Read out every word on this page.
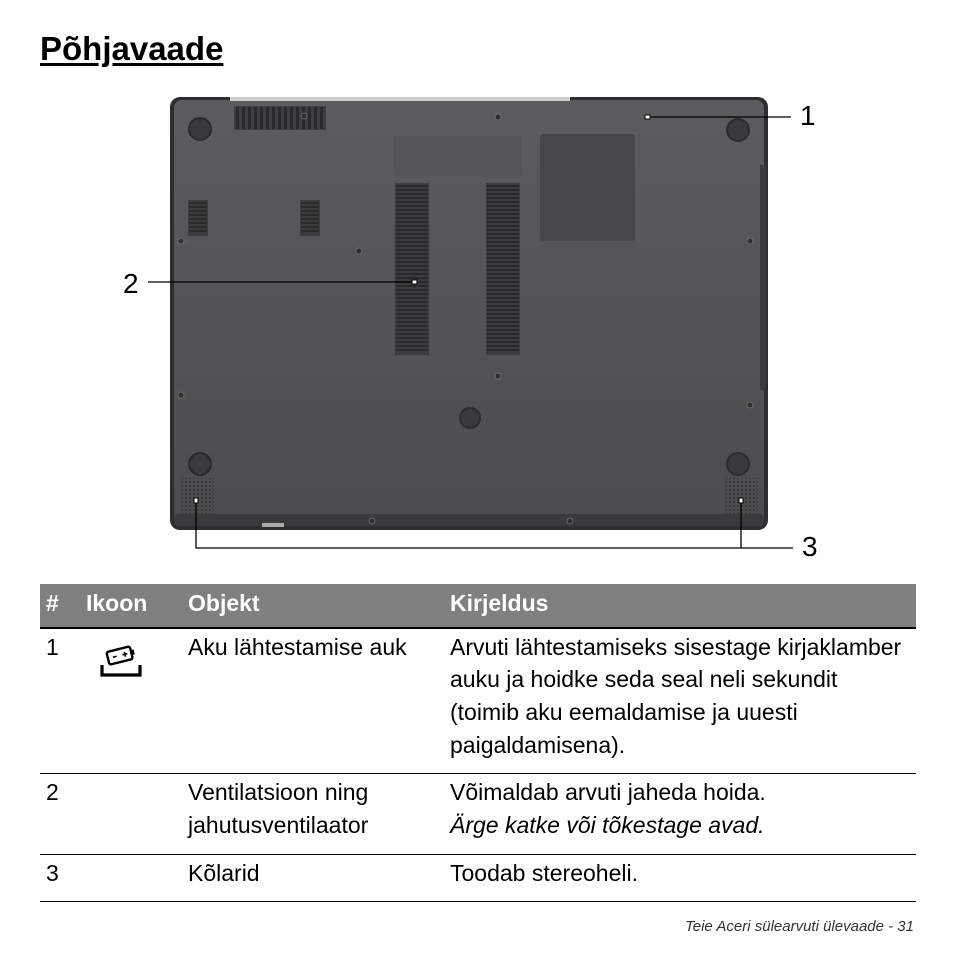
Põhjavaade
1
2
3
#	Ikoon	Objekt	Kirjeldus
1		Aku lähtestamise auk	Arvuti lähtestamiseks sisestage kirjaklamber auku ja hoidke seda seal neli sekundit (toimib aku eemaldamise ja uuesti paigaldamisena).
2		Ventilatsioon ning jahutusventilaator	Võimaldab arvuti jaheda hoida.
Ärge katke või tõkestage avad.

3		Kõlarid	Toodab stereoheli.
Teie Aceri sülearvuti ülevaade - 31
